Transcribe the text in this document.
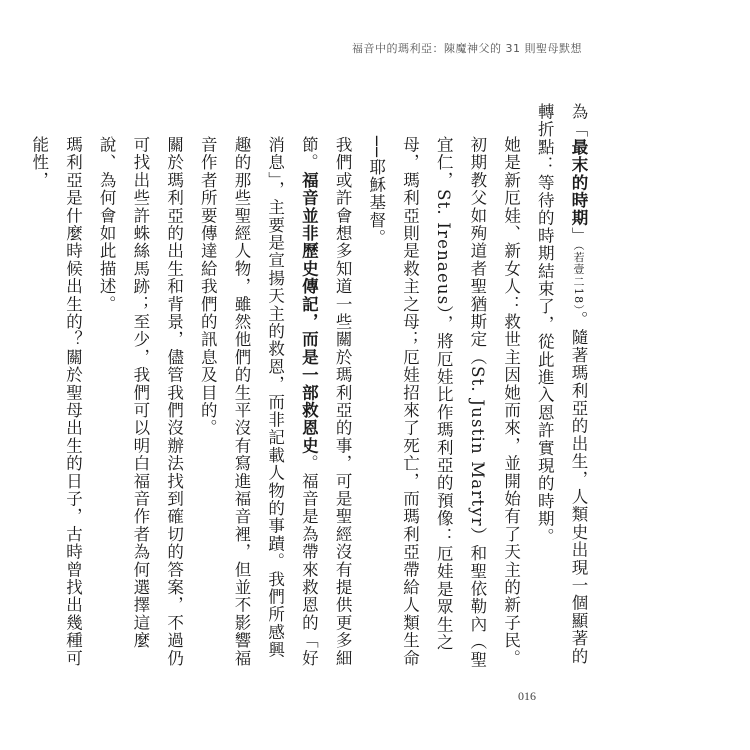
福音中的瑪利亞：陳魔神父的 31 則聖母默想

為「最末的時期」（若壹二18）。隨著瑪利亞的出生，人類史出現一個顯著的轉折點：等待的時期結束了，從此進入恩許實現的時期。

她是新厄娃、新女人：救世主因她而來，並開始有了天主的新子民。初期教父如殉道者聖猶斯定（St. Justin Martyr）和聖依勒內（聖宜仁，St. Irenaeus），將厄娃比作瑪利亞的預像：厄娃是眾生之母，瑪利亞則是救主之母；厄娃招來了死亡，而瑪利亞帶給人類生命──耶穌基督。

我們或許會想多知道一些關於瑪利亞的事，可是聖經沒有提供更多細節。福音並非歷史傳記，而是一部救恩史。福音是為帶來救恩的「好消息」，主要是宣揚天主的救恩，而非記載人物的事蹟。我們所感興趣的那些聖經人物，雖然他們的生平沒有寫進福音裡，但並不影響福音作者所要傳達給我們的訊息及目的。

關於瑪利亞的出生和背景，儘管我們沒辦法找到確切的答案，不過仍可找出些許蛛絲馬跡；至少，我們可以明白福音作者為何選擇這麼說、為何會如此描述。

瑪利亞是什麼時候出生的？關於聖母出生的日子，古時曾找出幾種可能性，

016
